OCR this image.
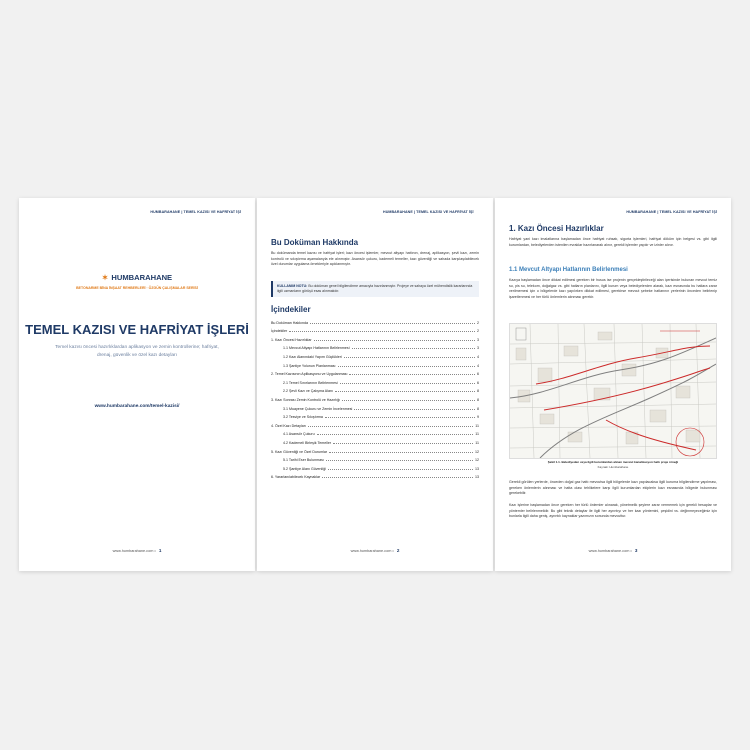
HUMBARAHANE | TEMEL KAZISI VE HAFRİYAT İŞİ
✶ HUMBARAHANE
BETONARME BİNA İNŞAAT REHBERLERİ · ÖZGÜN ÇALIŞMALAR SERİSİ
TEMEL KAZISI VE HAFRİYAT İŞLERİ
Temel kazısı öncesi hazırlıklardan aplikasyon ve zemin kontrollerine; hafriyat, drenaj, güvenlik ve özel kazı detayları
www.humbarahane.com/temel-kazisi/
www.humbarahane.com • 1
HUMBARAHANE | TEMEL KAZISI VE HAFRİYAT İŞİ
Bu Doküman Hakkında
Bu dokümanda temel kazısı ve hafriyat işleri; kazı öncesi işlemler, mevcut altyapı hattının, drenaj, aplikasyon, şevli kazı, zemin kontrolü ve sıkıştırma aşamalarıyla ele alınmıştır. Asansör çukuru, kademeli temeller, kazı güvenliği ve sahada karşılaşılabilecek özel durumlar uygulama örnekleriyle açıklanmıştır.
KULLANIM NOTU: Bu doküman genel bilgilendirme amacıyla hazırlanmıştır. Projeye ve sahaya özel mühendislik kararlarında ilgili uzmanların görüşü esas alınmalıdır.
İçindekiler
Bu Doküman Hakkında	2
İçindekiler	2
1. Kazı Öncesi Hazırlıklar	3
1.1 Mevcut Altyapı Hatlarının Belirlenmesi	3
1.2 Kazı Alanındaki Yapım Güçlükleri	4
1.3 Şantiye Yolunun Planlanması	4
2. Temel Kazısının Aplikasyonu ve Uygulanması	6
2.1 Temel Sınırlarının Belirlenmesi	6
2.2 Şevli Kazı ve Çalışma Alanı	8
3. Kazı Sonrası Zemin Kontrolü ve Hazırlığı	8
3.1 Muayene Çukuru ve Zemin İncelenmesi	8
3.2 Tesviye ve Sıkıştırma	9
4. Özel Kazı Detayları	11
4.1 Asansör Çukuru	11
4.2 Kademeli Birleşik Temeller	11
5. Kazı Güvenliği ve Özel Durumlar	12
5.1 Tarihi Eser Bulunması	12
5.2 Şantiye Alanı Güvenliği	13
6. Yararlanılabilecek Kaynaklar	13
www.humbarahane.com • 2
HUMBARAHANE | TEMEL KAZISI VE HAFRİYAT İŞİ
1. Kazı Öncesi Hazırlıklar
Hafriyat yani kazı imalatlarına başlamadan önce hafriyat ruhsatı, sigorta işlemleri, hafriyat döküm için belgesi vs. gibi ilgili kurumlardan, belediyelerden istenilen evraklar hazırlanarak alınır, gerekli işlemler yapılır ve izinler alınır.
1.1 Mevcut Altyapı Hatlarının Belirlenmesi
Kazıya başlamadan önce dikkat edilmesi gereken bir husus ise projenin gerçekleştirileceği alan içerisinde bulunan mevcut temiz su, pis su, telekom, doğalgaz vs. gibi hatların planlarını, ilgili kurum veya belediyelerden alarak, kazı esnasında bu hatlara zarar verilmemesi için o bölgelerde kazı yapılırken dikkat edilmesi, gerekirse mevcut şebeke hatlarının yerlerinin önceden belirlenip işaretlenmesi ve her türlü önlemlerin alınması gerekir.
Şekil 1.1. Belediyeden veya ilgili kurumlardan alınan mevcut kanalizasyon hattı proje örneği
Kaynak: Humbarahane
Gerekli görülen yerlerde, önceden doğal gaz hattı mevcutsa ilgili bölgelerde kazı yapılacaksa ilgili kuruma bilgilendirme yapılması, gereken önlemlerin alınması ve hatta olası tehlikelere karşı ilgili kurumlardan ekiplerin kazı esnasında bölgede bulunması gerekebilir.
Kazı işlerine başlamadan önce gereken her türlü önlemler alınarak, yönetmelik şeylere zarar vermemek için gerekli hesaplar ve yöntemler belirlenmelidir. Bu gibi teknik detaylar ile ilgili her ayrıntıyı ve her kazı yöntemini, çeşidini vs. değinmeyeceğimiz için bunlarla ilgili daha geniş, ayrıntılı kaynaklar yazımızın sonunda mevcuttur.
www.humbarahane.com • 3
